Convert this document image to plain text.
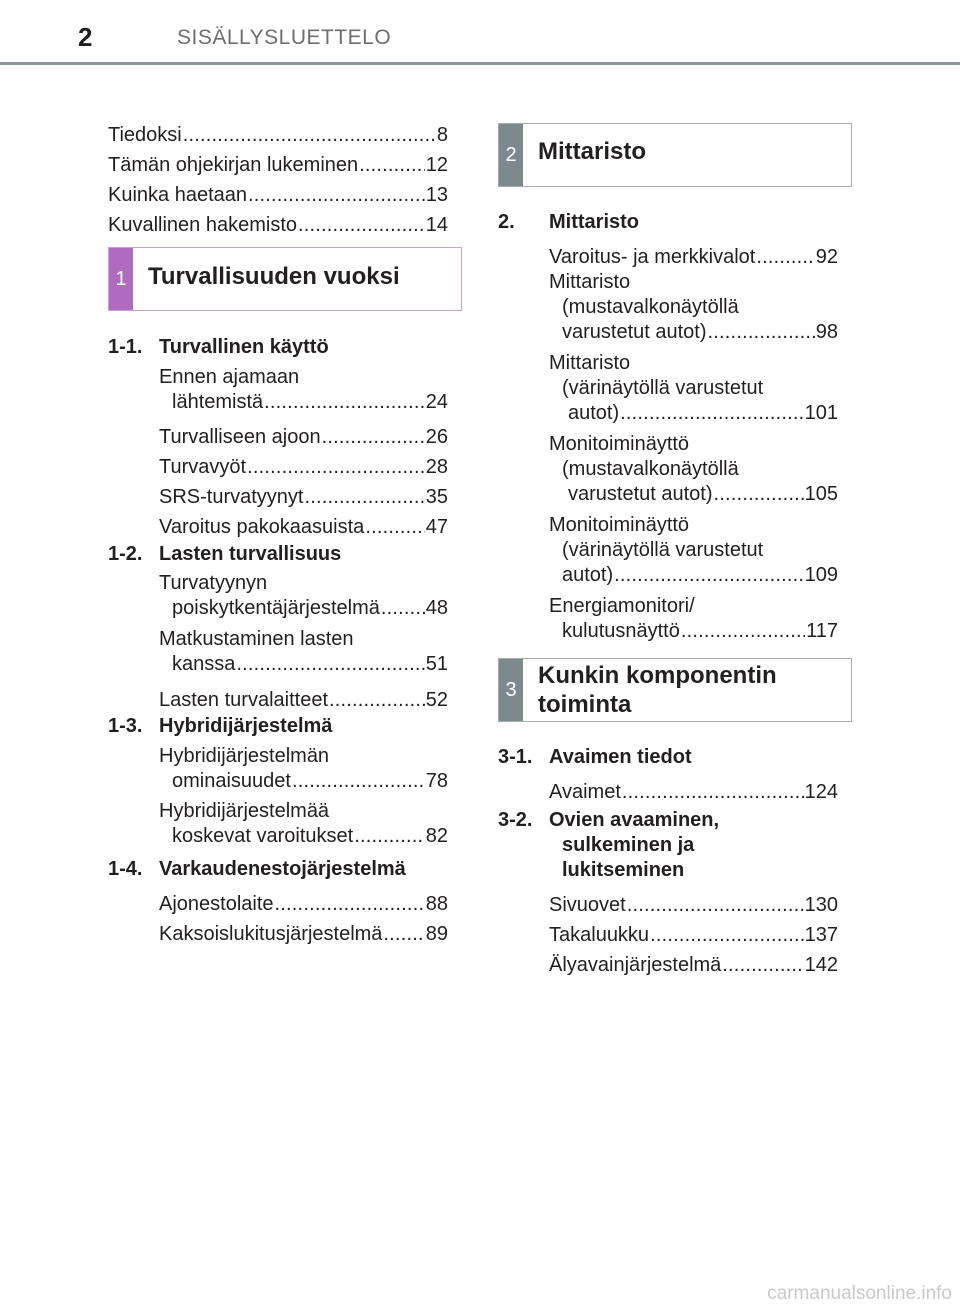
2	SISÄLLYSLUETTELO
Tiedoksi .....	8
Tämän ohjekirjan lukeminen .....	12
Kuinka haetaan .....	13
Kuvallinen hakemisto .....	14
1 Turvallisuuden vuoksi
1-1. Turvallinen käyttö
Ennen ajamaan
lähtemistä .....	24
Turvalliseen ajoon .....	26
Turvavyöt .....	28
SRS-turvatyynyt .....	35
Varoitus pakokaasuista .....	47
1-2. Lasten turvallisuus
Turvatyynyn
poiskytkentäjärjestelmä ..... 48
Matkustaminen lasten
kanssa .....	51
Lasten turvalaitteet .....	52
1-3. Hybridijärjestelmä
Hybridijärjestelmän
ominaisuudet .....	78
Hybridijärjestelmää
koskevat varoitukset .....	82
1-4. Varkaudenestojärjestelmä
Ajonestolaite .....	88
Kaksoislukitusjärjestelmä ..... 89
2 Mittaristo
2. Mittaristo
Varoitus- ja merkkivalot .....	92
Mittaristo
(mustavalkonäytöllä
varustetut autot) .....	98
Mittaristo
(värinäytöllä varustetut
autot) .....	101
Monitoiminäyttö
(mustavalkonäytöllä
varustetut autot) .....	105
Monitoiminäyttö
(värinäytöllä varustetut
autot) .....	109
Energiamonitori/
kulutusnäyttö .....	117
3
Kunkin komponentin
toiminta
3-1. Avaimen tiedot
Avaimet .....	124
3-2. Ovien avaaminen,
sulkeminen ja
lukitseminen
Sivuovet .....	130
Takaluukku .....	137
Älyavainjärjestelmä .....	142
carmanualsonline.info
